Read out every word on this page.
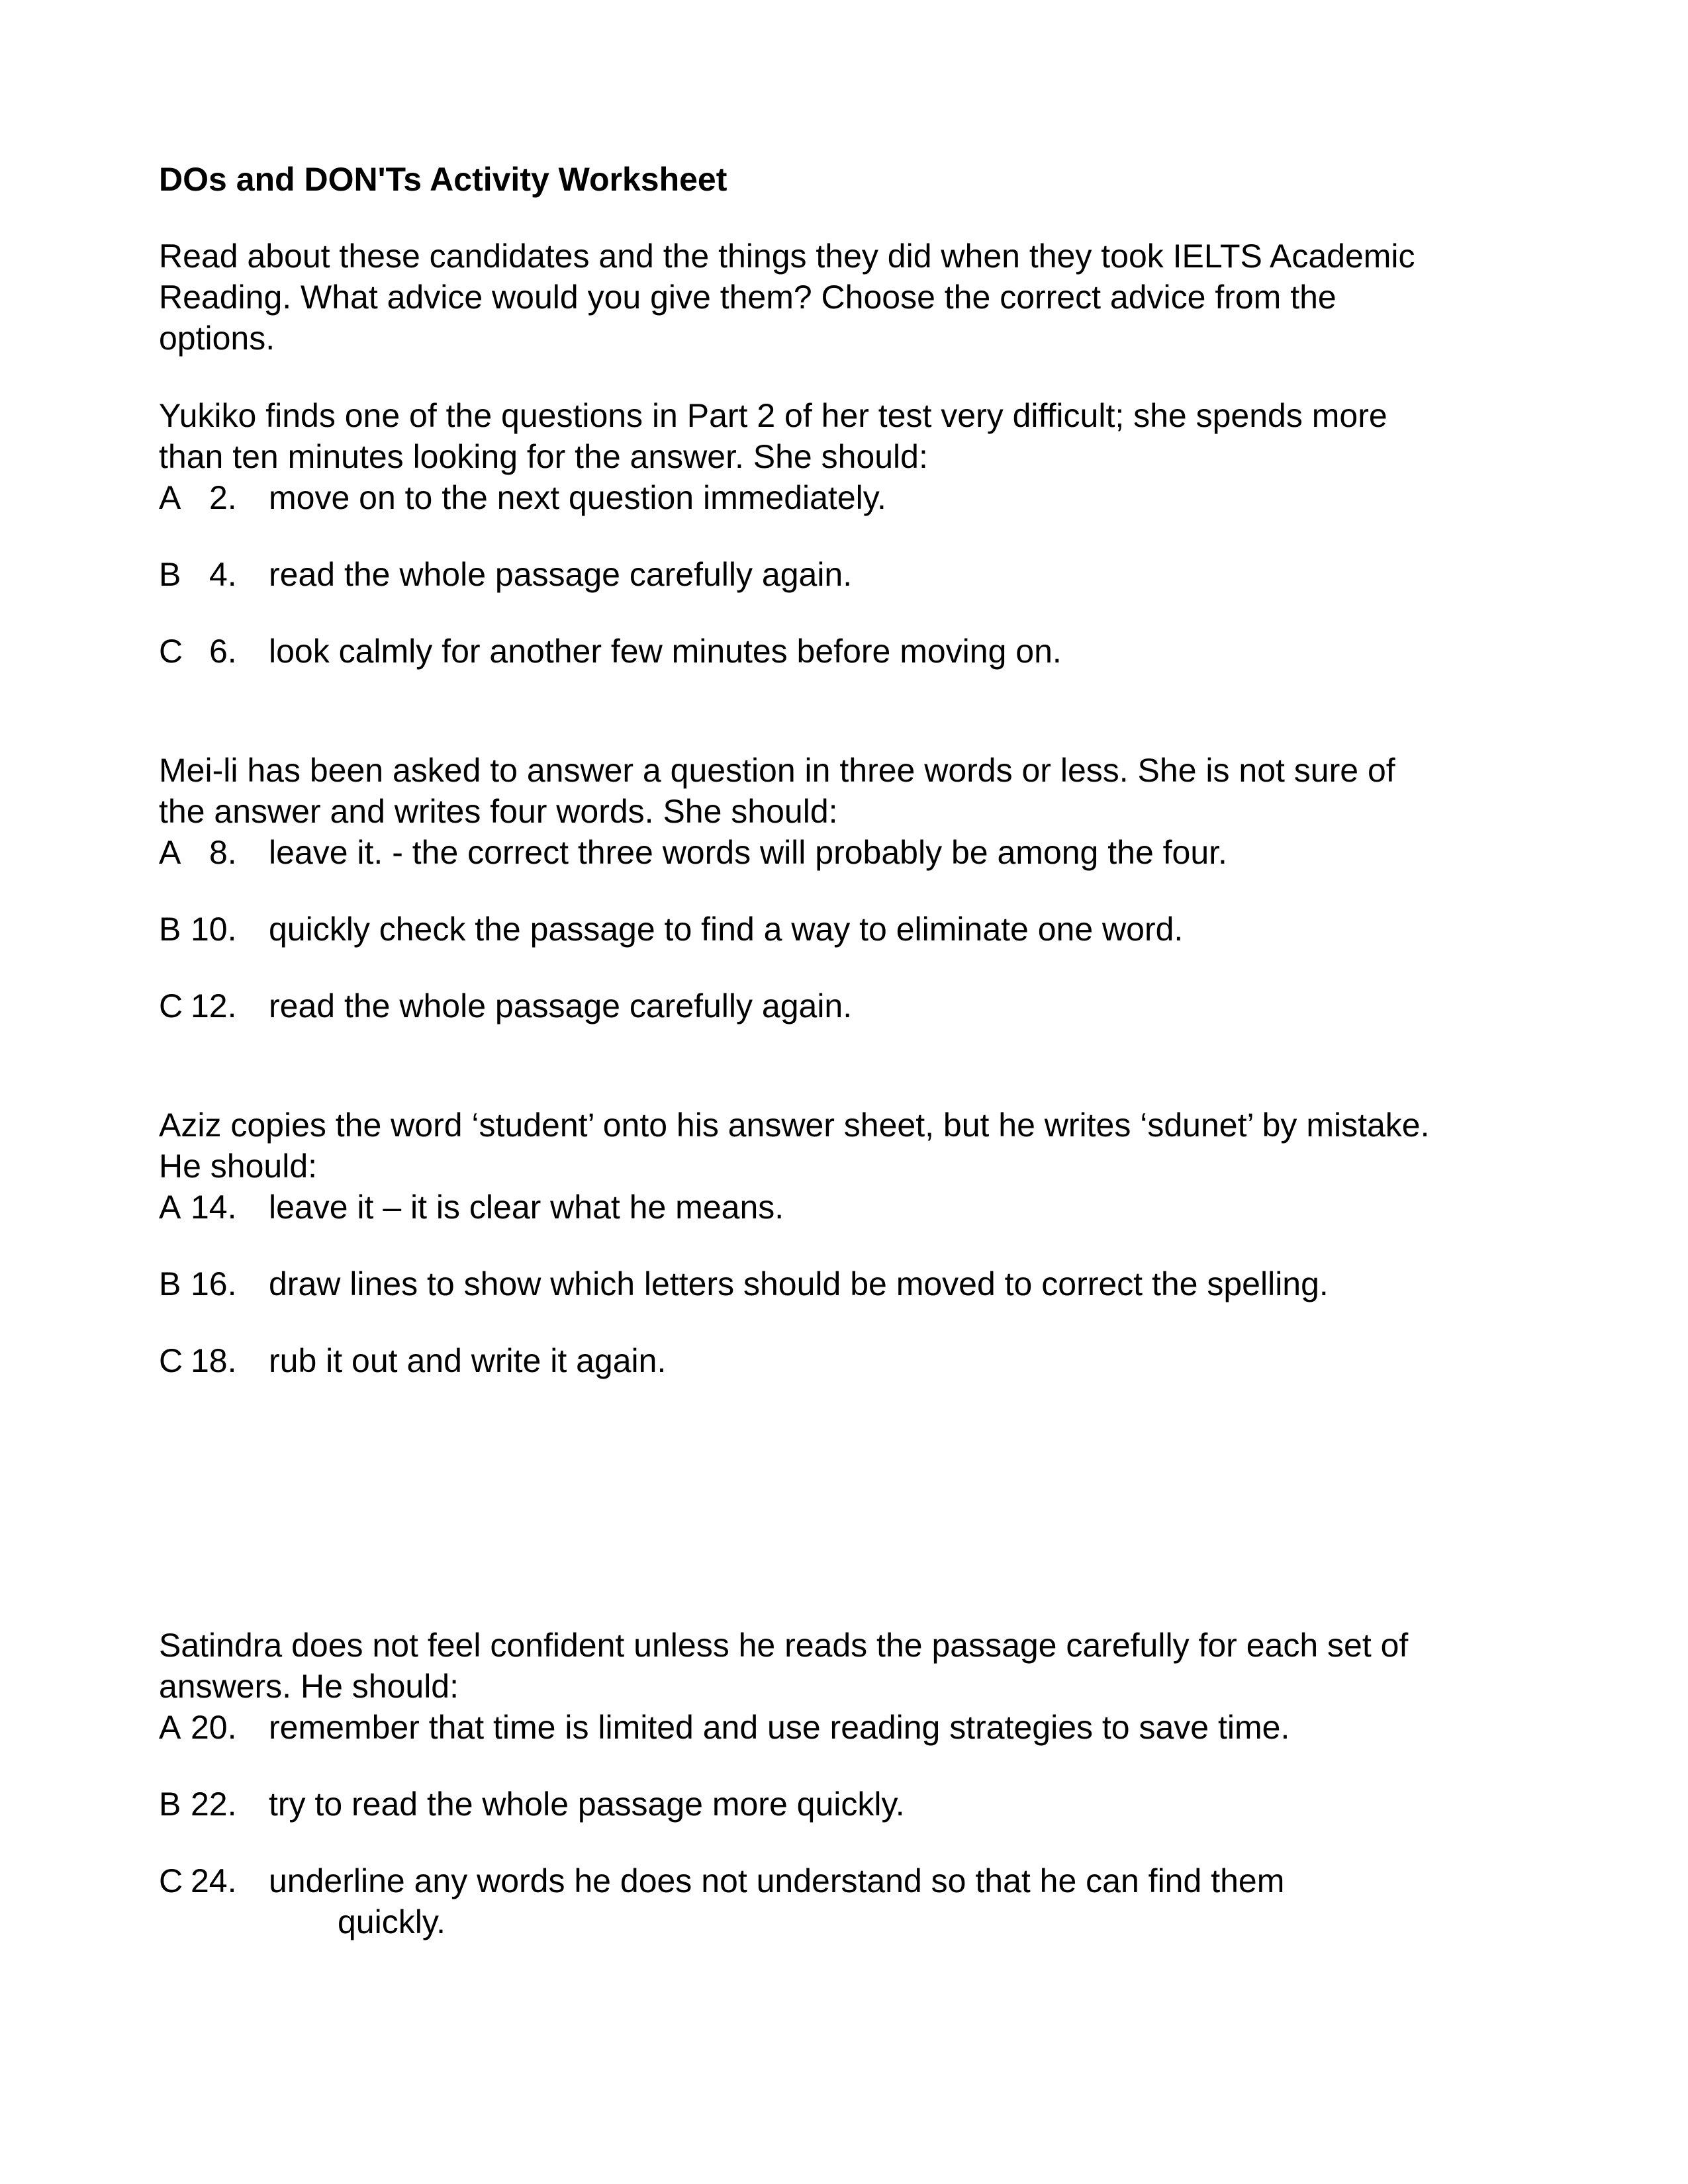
DOs and DON'Ts Activity Worksheet

Read about these candidates and the things they did when they took IELTS Academic
Reading. What advice would you give them? Choose the correct advice from the
options.

Yukiko finds one of the questions in Part 2 of her test very difficult; she spends more
than ten minutes looking for the answer. She should:

A 2. move on to the next question immediately.
B 4. read the whole passage carefully again.
C 6. look calmly for another few minutes before moving on.

Mei-li has been asked to answer a question in three words or less. She is not sure of
the answer and writes four words. She should:

A 8. leave it. - the correct three words will probably be among the four.
B 10. quickly check the passage to find a way to eliminate one word.
C 12. read the whole passage carefully again.

Aziz copies the word ‘student’ onto his answer sheet, but he writes ‘sdunet’ by mistake.
He should:

A 14. leave it – it is clear what he means.
B 16. draw lines to show which letters should be moved to correct the spelling.
C 18. rub it out and write it again.

Satindra does not feel confident unless he reads the passage carefully for each set of
answers. He should:

A 20. remember that time is limited and use reading strategies to save time.
B 22. try to read the whole passage more quickly.
C 24. underline any words he does not understand so that he can find them
quickly.
